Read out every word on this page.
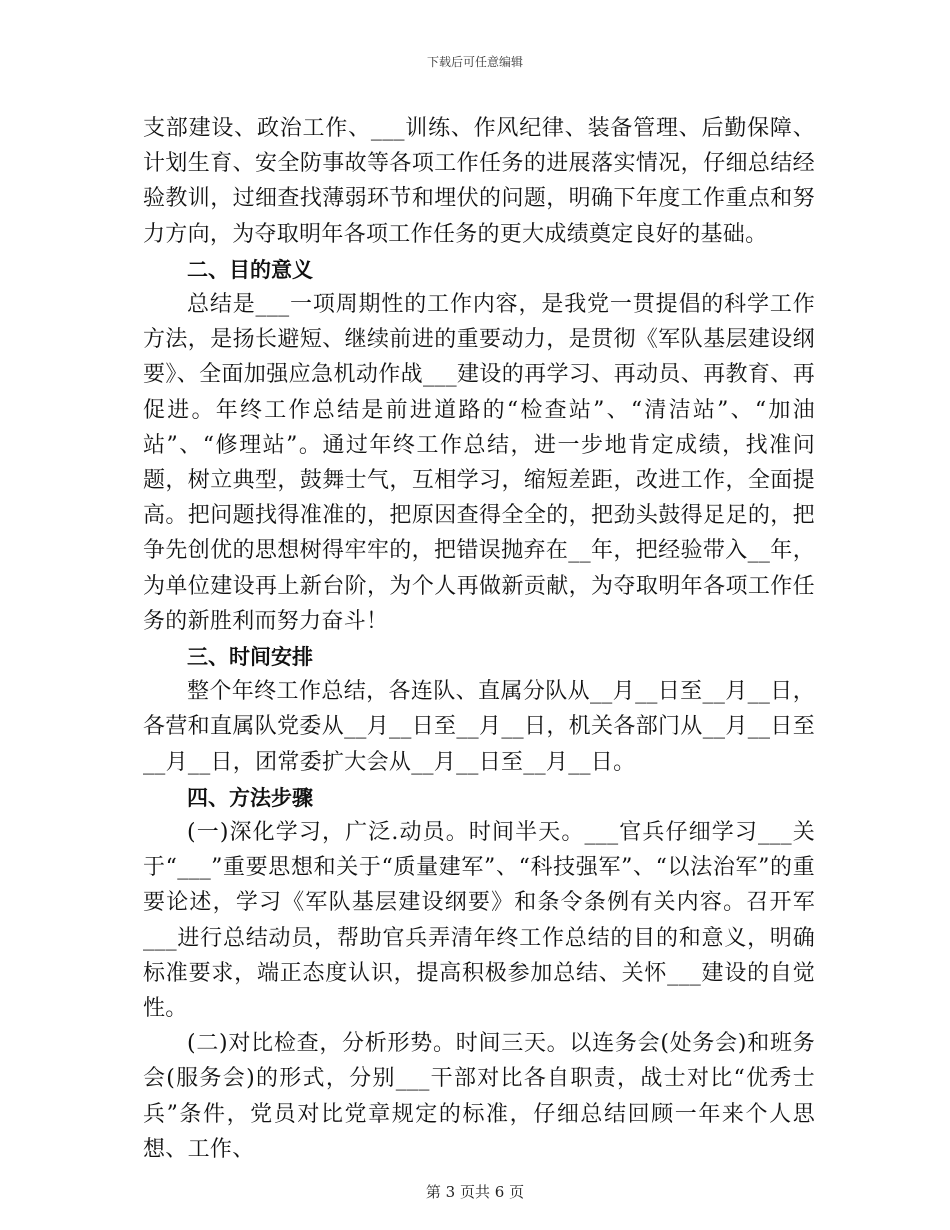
下载后可任意编辑

支部建设、政治工作、___训练、作风纪律、装备管理、后勤保障、计划生育、安全防事故等各项工作任务的进展落实情况，仔细总结经验教训，过细查找薄弱环节和埋伏的问题，明确下年度工作重点和努力方向，为夺取明年各项工作任务的更大成绩奠定良好的基础。

二、目的意义

总结是___一项周期性的工作内容，是我党一贯提倡的科学工作方法，是扬长避短、继续前进的重要动力，是贯彻《军队基层建设纲要》、全面加强应急机动作战___建设的再学习、再动员、再教育、再促进。年终工作总结是前进道路的“检查站”、“清洁站”、“加油站”、“修理站”。通过年终工作总结，进一步地肯定成绩，找准问题，树立典型，鼓舞士气，互相学习，缩短差距，改进工作，全面提高。把问题找得准准的，把原因查得全全的，把劲头鼓得足足的，把争先创优的思想树得牢牢的，把错误抛弃在__年，把经验带入__年，为单位建设再上新台阶，为个人再做新贡献，为夺取明年各项工作任务的新胜利而努力奋斗！

三、时间安排

整个年终工作总结，各连队、直属分队从__月__日至__月__日，各营和直属队党委从__月__日至__月__日，机关各部门从__月__日至__月__日，团常委扩大会从__月__日至__月__日。

四、方法步骤

(一)深化学习，广泛.动员。时间半天。___官兵仔细学习___关于“___”重要思想和关于“质量建军”、“科技强军”、“以法治军”的重要论述，学习《军队基层建设纲要》和条令条例有关内容。召开军___进行总结动员，帮助官兵弄清年终工作总结的目的和意义，明确标准要求，端正态度认识，提高积极参加总结、关怀___建设的自觉性。

(二)对比检查，分析形势。时间三天。以连务会(处务会)和班务会(服务会)的形式，分别___干部对比各自职责，战士对比“优秀士兵”条件，党员对比党章规定的标准，仔细总结回顾一年来个人思想、工作、

第 3 页共 6 页
